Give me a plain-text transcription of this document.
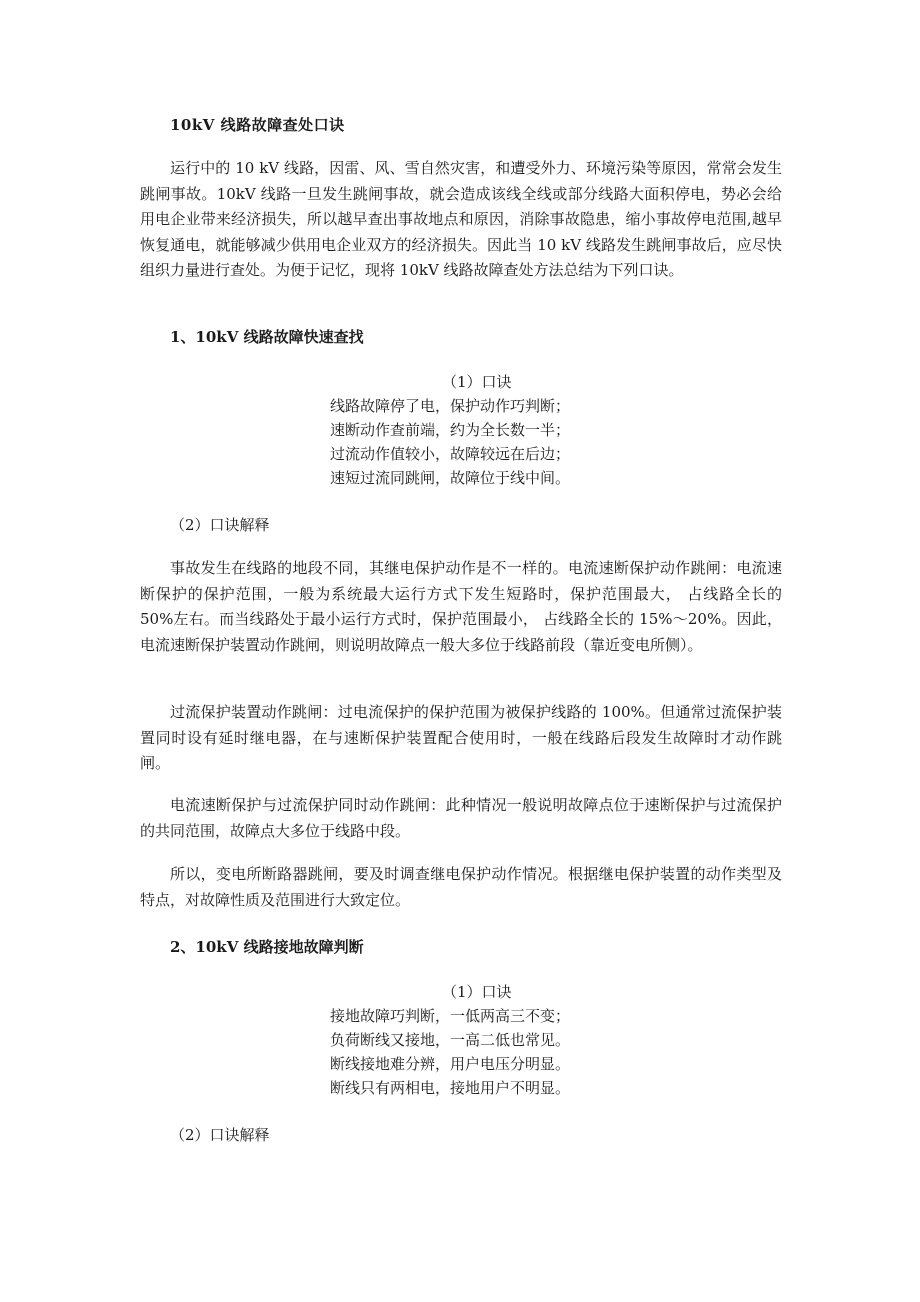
10kV 线路故障查处口诀

运行中的 10 kV 线路，因雷、风、雪自然灾害，和遭受外力、环境污染等原因，常常会发生跳闸事故。10kV 线路一旦发生跳闸事故，就会造成该线全线或部分线路大面积停电，势必会给用电企业带来经济损失，所以越早查出事故地点和原因，消除事故隐患，缩小事故停电范围,越早恢复通电，就能够减少供用电企业双方的经济损失。因此当 10 kV 线路发生跳闸事故后，应尽快组织力量进行查处。为便于记忆，现将 10kV 线路故障查处方法总结为下列口诀。

1、10kV 线路故障快速查找
（1）口诀
线路故障停了电，保护动作巧判断；
速断动作查前端，约为全长数一半；
过流动作值较小，故障较远在后边；
速短过流同跳闸，故障位于线中间。
（2）口诀解释

事故发生在线路的地段不同，其继电保护动作是不一样的。电流速断保护动作跳闸：电流速断保护的保护范围，一般为系统最大运行方式下发生短路时，保护范围最大， 占线路全长的 50%左右。而当线路处于最小运行方式时，保护范围最小， 占线路全长的 15%～20%。因此，电流速断保护装置动作跳闸，则说明故障点一般大多位于线路前段（靠近变电所侧）。

过流保护装置动作跳闸：过电流保护的保护范围为被保护线路的 100%。但通常过流保护装置同时设有延时继电器，在与速断保护装置配合使用时，一般在线路后段发生故障时才动作跳闸。

电流速断保护与过流保护同时动作跳闸：此种情况一般说明故障点位于速断保护与过流保护的共同范围，故障点大多位于线路中段。

所以，变电所断路器跳闸，要及时调查继电保护动作情况。根据继电保护装置的动作类型及特点，对故障性质及范围进行大致定位。

2、10kV 线路接地故障判断
（1）口诀
接地故障巧判断，一低两高三不变；
负荷断线又接地，一高二低也常见。
断线接地难分辨，用户电压分明显。
断线只有两相电，接地用户不明显。
（2）口诀解释
